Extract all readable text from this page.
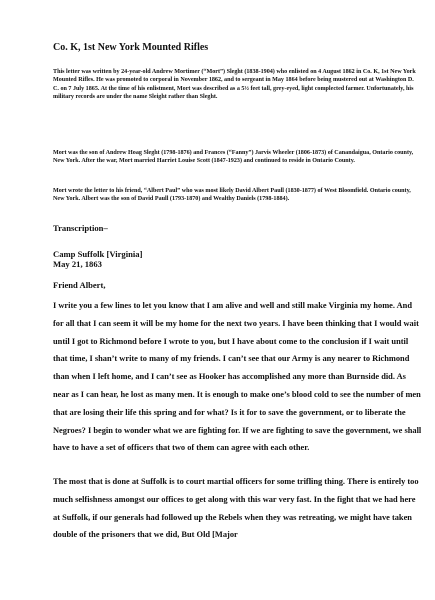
Co. K, 1st New York Mounted Rifles
This letter was written by 24-year-old Andrew Mortimer (“Mort”) Sleght (1838-1904) who enlisted on 4 August 1862 in Co. K, 1st New York Mounted Rifles. He was promoted to corporal in November 1862, and to sergeant in May 1864 before being mustered out at Washington D. C. on 7 July 1865. At the time of his enlistment, Mort was described as a 5½ feet tall, grey-eyed, light complected farmer. Unfortunately, his military records are under the name Sleight rather than Sleght.
Mort was the son of Andrew Hoag Sleght (1798-1876) and Frances (“Fanny”) Jarvis Wheeler (1806-1873) of Canandaigua, Ontario county, New York. After the war, Mort married Harriet Louise Scott (1847-1923) and continued to reside in Ontario County.
Mort wrote the letter to his friend, “Albert Paul” who was most likely David Albert Paull (1830-1877) of West Bloomfield. Ontario county, New York. Albert was the son of David Paull (1793-1870) and Wealthy Daniels (1798-1884).
Transcription–
Camp Suffolk [Virginia]
May 21, 1863
Friend Albert,
I write you a few lines to let you know that I am alive and well and still make Virginia my home. And for all that I can seem it will be my home for the next two years. I have been thinking that I would wait until I got to Richmond before I wrote to you, but I have about come to the conclusion if I wait until that time, I shan’t write to many of my friends. I can’t see that our Army is any nearer to Richmond than when I left home, and I can’t see as Hooker has accomplished any more than Burnside did. As near as I can hear, he lost as many men. It is enough to make one’s blood cold to see the number of men that are losing their life this spring and for what? Is it for to save the government, or to liberate the Negroes? I begin to wonder what we are fighting for. If we are fighting to save the government, we shall have to have a set of officers that two of them can agree with each other.
The most that is done at Suffolk is to court martial officers for some trifling thing. There is entirely too much selfishness amongst our offices to get along with this war very fast. In the fight that we had here at Suffolk, if our generals had followed up the Rebels when they was retreating, we might have taken double of the prisoners that we did, But Old [Major
